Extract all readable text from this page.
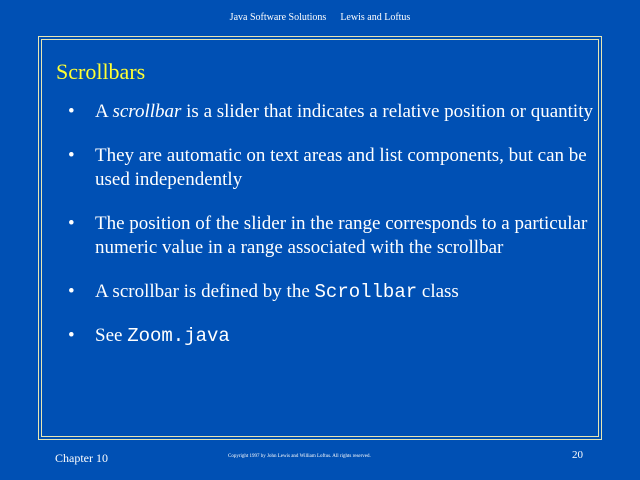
Java Software Solutions Lewis and Loftus
Scrollbars
• A scrollbar is a slider that indicates a relative position or quantity
• They are automatic on text areas and list components, but can be used independently
• The position of the slider in the range corresponds to a particular numeric value in a range associated with the scrollbar
• A scrollbar is defined by the Scrollbar class
• See Zoom.java
Chapter 10	Copyright 1997 by John Lewis and William Loftus. All rights reserved.	20
